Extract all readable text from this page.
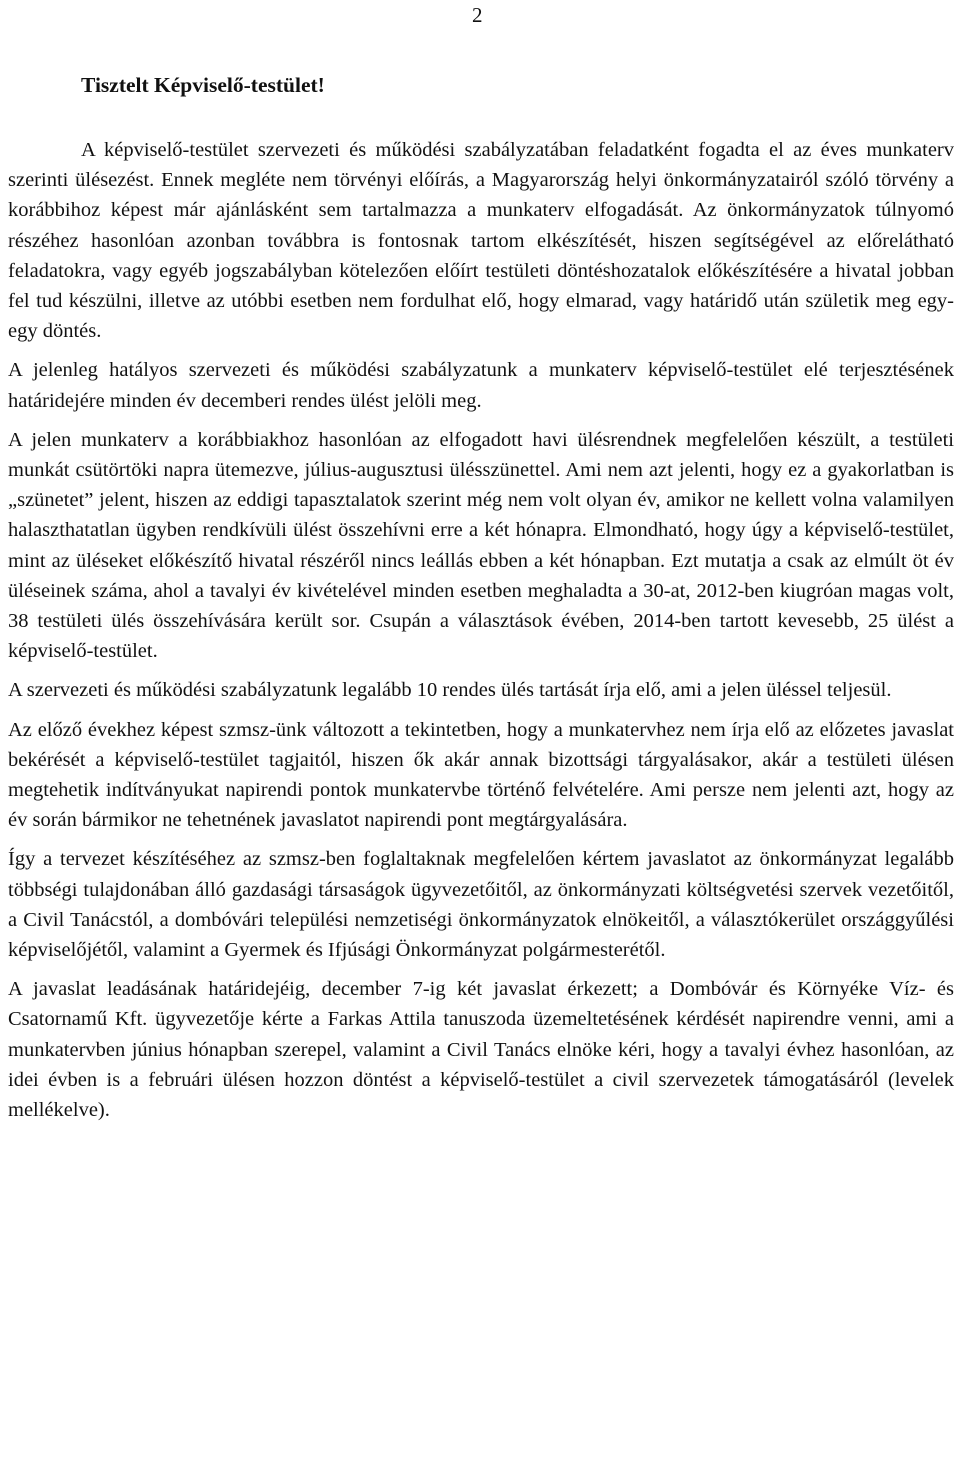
2

Tisztelt Képviselő-testület!

A képviselő-testület szervezeti és működési szabályzatában feladatként fogadta el az éves munkaterv szerinti ülésezést. Ennek megléte nem törvényi előírás, a Magyarország helyi önkormányzatairól szóló törvény a korábbihoz képest már ajánlásként sem tartalmazza a munkaterv elfogadását. Az önkormányzatok túlnyomó részéhez hasonlóan azonban továbbra is fontosnak tartom elkészítését, hiszen segítségével az előrelátható feladatokra, vagy egyéb jogszabályban kötelezően előírt testületi döntéshozatalok előkészítésére a hivatal jobban fel tud készülni, illetve az utóbbi esetben nem fordulhat elő, hogy elmarad, vagy határidő után születik meg egy-egy döntés.

A jelenleg hatályos szervezeti és működési szabályzatunk a munkaterv képviselő-testület elé terjesztésének határidejére minden év decemberi rendes ülést jelöli meg.

A jelen munkaterv a korábbiakhoz hasonlóan az elfogadott havi ülésrendnek megfelelően készült, a testületi munkát csütörtöki napra ütemezve, július-augusztusi ülésszünettel. Ami nem azt jelenti, hogy ez a gyakorlatban is „szünetet” jelent, hiszen az eddigi tapasztalatok szerint még nem volt olyan év, amikor ne kellett volna valamilyen halaszthatatlan ügyben rendkívüli ülést összehívni erre a két hónapra. Elmondható, hogy úgy a képviselő-testület, mint az üléseket előkészítő hivatal részéről nincs leállás ebben a két hónapban. Ezt mutatja a csak az elmúlt öt év üléseinek száma, ahol a tavalyi év kivételével minden esetben meghaladta a 30-at, 2012-ben kiugróan magas volt, 38 testületi ülés összehívására került sor. Csupán a választások évében, 2014-ben tartott kevesebb, 25 ülést a képviselő-testület.

A szervezeti és működési szabályzatunk legalább 10 rendes ülés tartását írja elő, ami a jelen üléssel teljesül.

Az előző évekhez képest szmsz-ünk változott a tekintetben, hogy a munkatervhez nem írja elő az előzetes javaslat bekérését a képviselő-testület tagjaitól, hiszen ők akár annak bizottsági tárgyalásakor, akár a testületi ülésen megtehetik indítványukat napirendi pontok munkatervbe történő felvételére. Ami persze nem jelenti azt, hogy az év során bármikor ne tehetnének javaslatot napirendi pont megtárgyalására.

Így a tervezet készítéséhez az szmsz-ben foglaltaknak megfelelően kértem javaslatot az önkormányzat legalább többségi tulajdonában álló gazdasági társaságok ügyvezetőitől, az önkormányzati költségvetési szervek vezetőitől, a Civil Tanácstól, a dombóvári települési nemzetiségi önkormányzatok elnökeitől, a választókerület országgyűlési képviselőjétől, valamint a Gyermek és Ifjúsági Önkormányzat polgármesterétől.

A javaslat leadásának határidejéig, december 7-ig két javaslat érkezett; a Dombóvár és Környéke Víz- és Csatornamű Kft. ügyvezetője kérte a Farkas Attila tanuszoda üzemeltetésének kérdését napirendre venni, ami a munkatervben június hónapban szerepel, valamint a Civil Tanács elnöke kéri, hogy a tavalyi évhez hasonlóan, az idei évben is a februári ülésen hozzon döntést a képviselő-testület a civil szervezetek támogatásáról (levelek mellékelve).
